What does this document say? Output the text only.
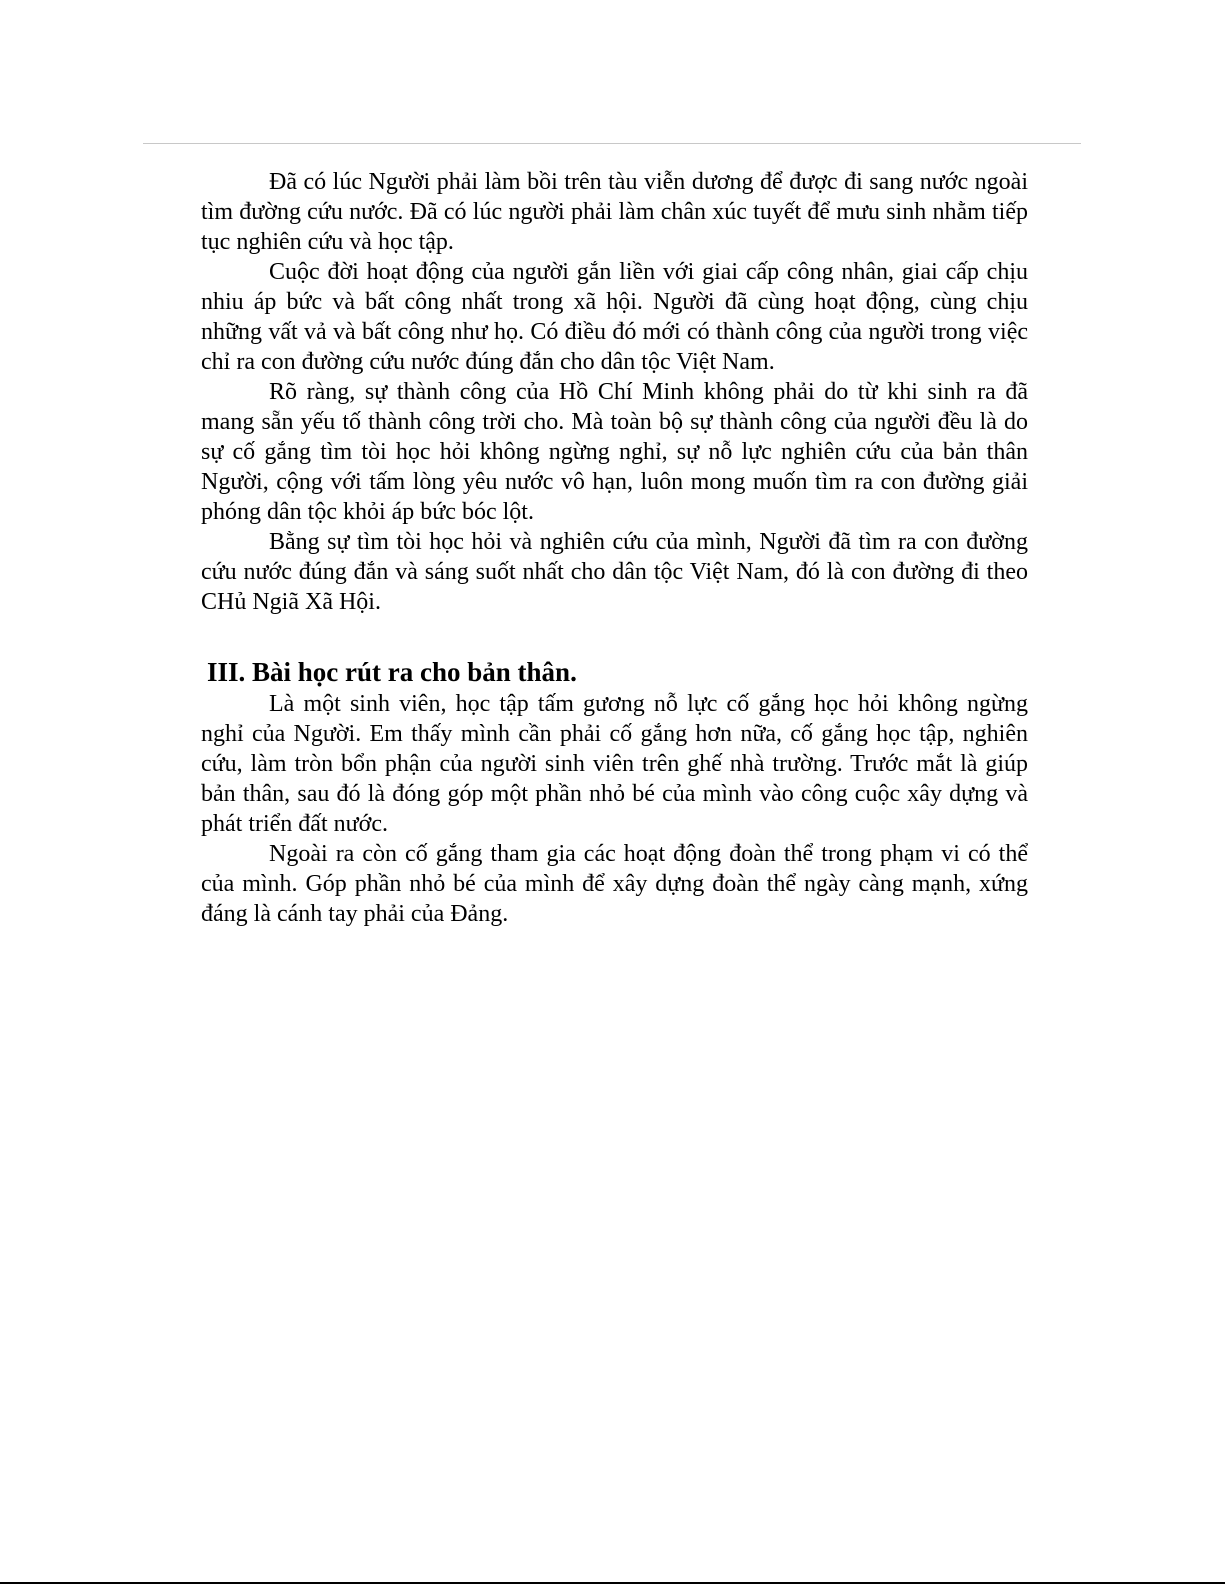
Đã có lúc Người phải làm bồi trên tàu viễn dương để được đi sang nước ngoài tìm đường cứu nước. Đã có lúc người phải làm chân xúc tuyết để mưu sinh nhằm tiếp tục nghiên cứu và học tập.

Cuộc đời hoạt động của người gắn liền với giai cấp công nhân, giai cấp chịu nhiu áp bức và bất công nhất trong xã hội. Người đã cùng hoạt động, cùng chịu những vất vả và bất công như họ. Có điều đó mới có thành công của người trong việc chỉ ra con đường cứu nước đúng đắn cho dân tộc Việt Nam.

Rõ ràng, sự thành công của Hồ Chí Minh không phải do từ khi sinh ra đã mang sẵn yếu tố thành công trời cho. Mà toàn bộ sự thành công của người đều là do sự cố gắng tìm tòi học hỏi không ngừng nghỉ, sự nỗ lực nghiên cứu của bản thân Người, cộng với tấm lòng yêu nước vô hạn, luôn mong muốn tìm ra con đường giải phóng dân tộc khỏi áp bức bóc lột.

Bằng sự tìm tòi học hỏi và nghiên cứu của mình, Người đã tìm ra con đường cứu nước đúng đắn và sáng suốt nhất cho dân tộc Việt Nam, đó là con đường đi theo CHủ Ngiã Xã Hội.

III. Bài học rút ra cho bản thân.

Là một sinh viên, học tập tấm gương nỗ lực cố gắng học hỏi không ngừng nghỉ của Người. Em thấy mình cần phải cố gắng hơn nữa, cố gắng học tập, nghiên cứu, làm tròn bổn phận của người sinh viên trên ghế nhà trường. Trước mắt là giúp bản thân, sau đó là đóng góp một phần nhỏ bé của mình vào công cuộc xây dựng và phát triển đất nước.

Ngoài ra còn cố gắng tham gia các hoạt động đoàn thể trong phạm vi có thể của mình. Góp phần nhỏ bé của mình để xây dựng đoàn thể ngày càng mạnh, xứng đáng là cánh tay phải của Đảng.
